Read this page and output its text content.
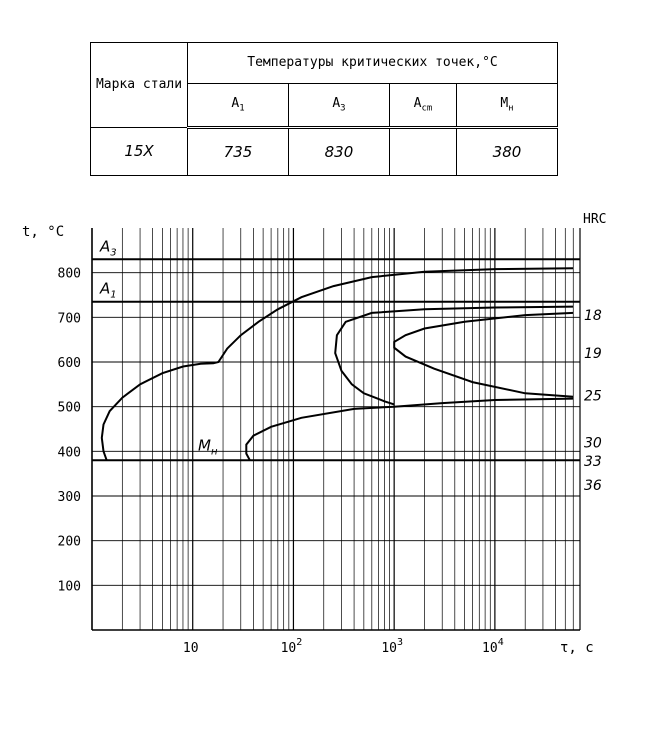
Марка стали	Температуры критических точек,°C			
	$A_1$	$A_3$	$A_{cm}$	$M_н$
15X	735	830		380
100
200
300
400
500
600
700
800
10	$10^2$	$10^3$	$10^4$
t, °C
τ, с
HRC
$A_3$
$A_1$
$M_н$
18
19
25
30
33
36
